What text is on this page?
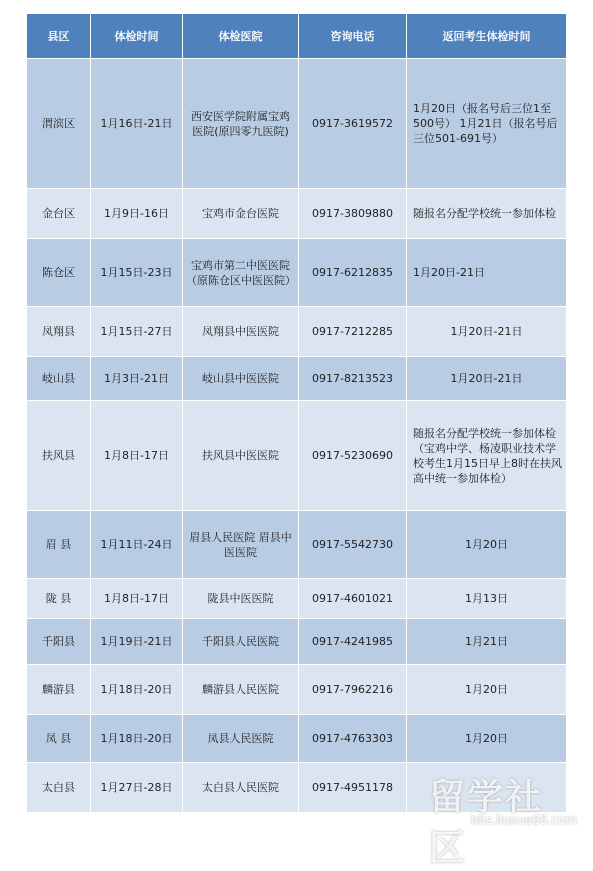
县区	体检时间	体检医院	咨询电话	返回考生体检时间
渭滨区	1月16日-21日	西安医学院附属宝鸡医院(原四零九医院)	0917-3619572	1月20日（报名号后三位1至500号） 1月21日（报名号后三位501-691号）
金台区	1月9日-16日	宝鸡市金台医院	0917-3809880	随报名分配学校统一参加体检
陈仓区	1月15日-23日	宝鸡市第二中医医院（原陈仓区中医医院）	0917-6212835	1月20日-21日
凤翔县	1月15日-27日	凤翔县中医医院	0917-7212285	1月20日-21日
岐山县	1月3日-21日	岐山县中医医院	0917-8213523	1月20日-21日
扶风县	1月8日-17日	扶风县中医医院	0917-5230690	随报名分配学校统一参加体检（宝鸡中学、杨凌职业技术学校考生1月15日早上8时在扶风高中统一参加体检）
眉 县	1月11日-24日	眉县人民医院 眉县中医医院	0917-5542730	1月20日
陇 县	1月8日-17日	陇县中医医院	0917-4601021	1月13日
千阳县	1月19日-21日	千阳县人民医院	0917-4241985	1月21日
麟游县	1月18日-20日	麟游县人民医院	0917-7962216	1月20日
凤 县	1月18日-20日	凤县人民医院	0917-4763303	1月20日
太白县	1月27日-28日	太白县人民医院	0917-4951178	留学社区
bbs.liuxue86.com
